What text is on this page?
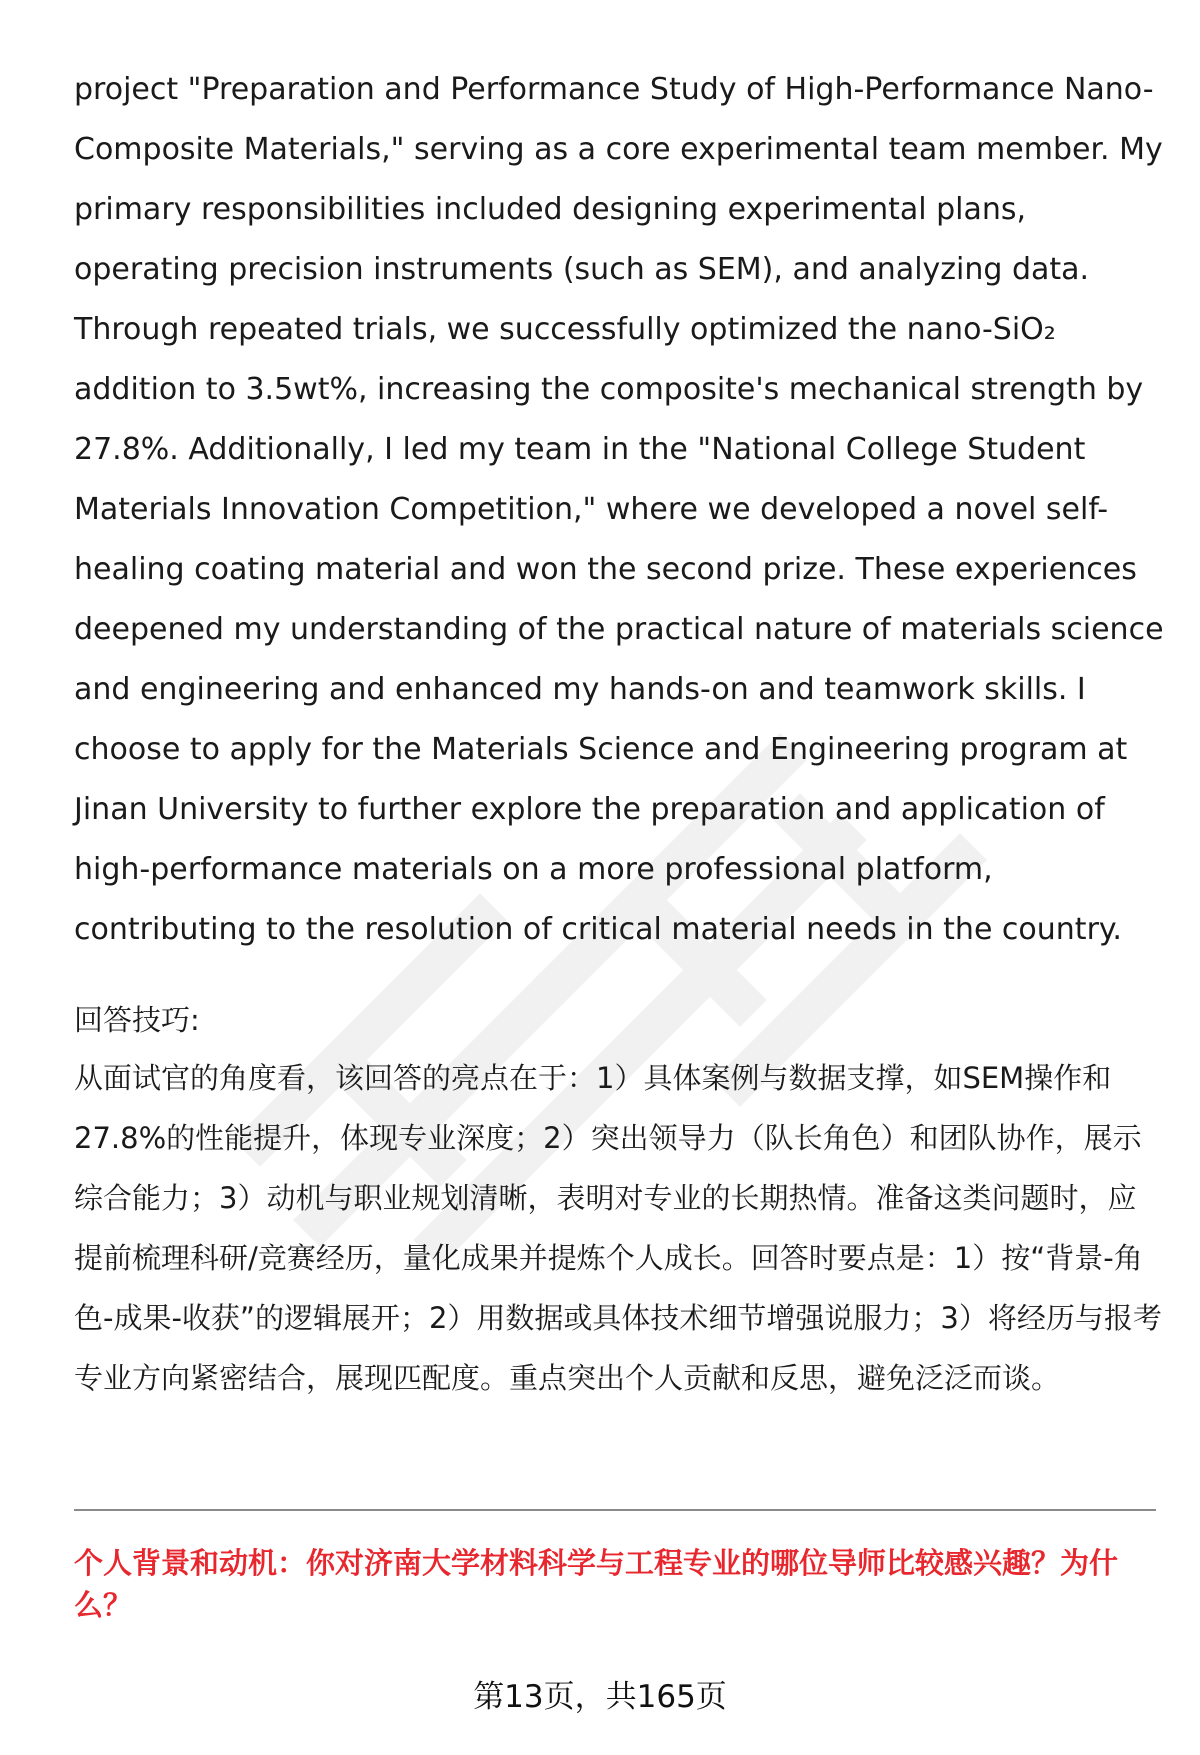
project "Preparation and Performance Study of High-Performance Nano-Composite Materials," serving as a core experimental team member. My primary responsibilities included designing experimental plans, operating precision instruments (such as SEM), and analyzing data. Through repeated trials, we successfully optimized the nano-SiO₂ addition to 3.5wt%, increasing the composite's mechanical strength by 27.8%. Additionally, I led my team in the "National College Student Materials Innovation Competition," where we developed a novel self-healing coating material and won the second prize. These experiences deepened my understanding of the practical nature of materials science and engineering and enhanced my hands-on and teamwork skills. I choose to apply for the Materials Science and Engineering program at Jinan University to further explore the preparation and application of high-performance materials on a more professional platform, contributing to the resolution of critical material needs in the country.

回答技巧:

从面试官的角度看，该回答的亮点在于：1）具体案例与数据支撑，如SEM操作和27.8%的性能提升，体现专业深度；2）突出领导力（队长角色）和团队协作，展示综合能力；3）动机与职业规划清晰，表明对专业的长期热情。准备这类问题时，应提前梳理科研/竞赛经历，量化成果并提炼个人成长。回答时要点是：1）按“背景-角色-成果-收获”的逻辑展开；2）用数据或具体技术细节增强说服力；3）将经历与报考专业方向紧密结合，展现匹配度。重点突出个人贡献和反思，避免泛泛而谈。

个人背景和动机：你对济南大学材料科学与工程专业的哪位导师比较感兴趣？为什么？

第13页，共165页
